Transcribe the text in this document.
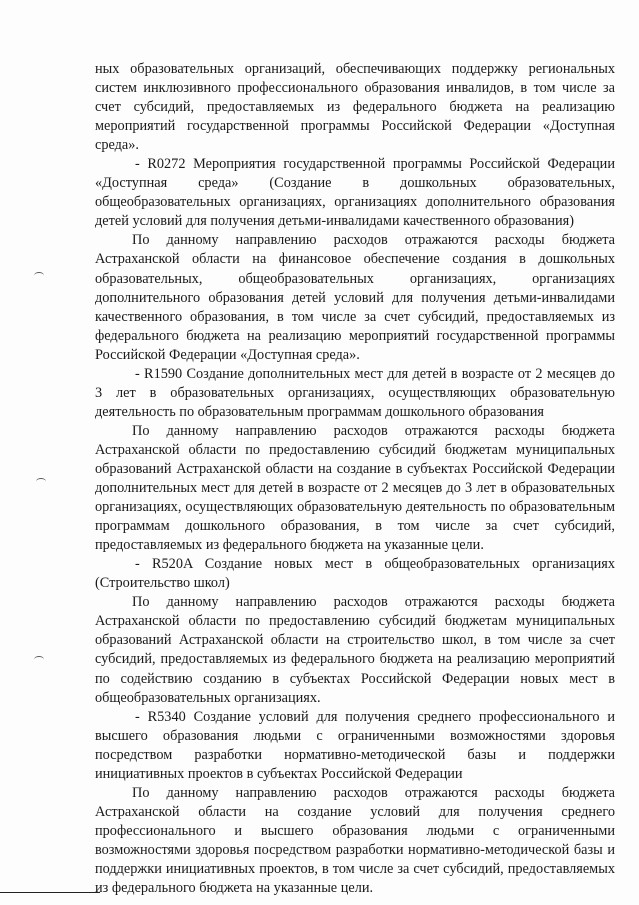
ных образовательных организаций, обеспечивающих поддержку региональных систем инклюзивного профессионального образования инвалидов, в том числе за счет субсидий, предоставляемых из федерального бюджета на реализацию мероприятий государственной программы Российской Федерации «Доступная среда».

- R0272 Мероприятия государственной программы Российской Федерации «Доступная среда» (Создание в дошкольных образовательных, общеобразовательных организациях, организациях дополнительного образования детей условий для получения детьми-инвалидами качественного образования)

По данному направлению расходов отражаются расходы бюджета Астраханской области на финансовое обеспечение создания в дошкольных образовательных, общеобразовательных организациях, организациях дополнительного образования детей условий для получения детьми-инвалидами качественного образования, в том числе за счет субсидий, предоставляемых из федерального бюджета на реализацию мероприятий государственной программы Российской Федерации «Доступная среда».

- R1590 Создание дополнительных мест для детей в возрасте от 2 месяцев до 3 лет в образовательных организациях, осуществляющих образовательную деятельность по образовательным программам дошкольного образования

По данному направлению расходов отражаются расходы бюджета Астраханской области по предоставлению субсидий бюджетам муниципальных образований Астраханской области на создание в субъектах Российской Федерации дополнительных мест для детей в возрасте от 2 месяцев до 3 лет в образовательных организациях, осуществляющих образовательную деятельность по образовательным программам дошкольного образования, в том числе за счет субсидий, предоставляемых из федерального бюджета на указанные цели.

- R520A Создание новых мест в общеобразовательных организациях (Строительство школ)

По данному направлению расходов отражаются расходы бюджета Астраханской области по предоставлению субсидий бюджетам муниципальных образований Астраханской области на строительство школ, в том числе за счет субсидий, предоставляемых из федерального бюджета на реализацию мероприятий по содействию созданию в субъектах Российской Федерации новых мест в общеобразовательных организациях.

- R5340 Создание условий для получения среднего профессионального и высшего образования людьми с ограниченными возможностями здоровья посредством разработки нормативно-методической базы и поддержки инициативных проектов в субъектах Российской Федерации

По данному направлению расходов отражаются расходы бюджета Астраханской области на создание условий для получения среднего профессионального и высшего образования людьми с ограниченными возможностями здоровья посредством разработки нормативно-методической базы и поддержки инициативных проектов, в том числе за счет субсидий, предоставляемых из федерального бюджета на указанные цели.
